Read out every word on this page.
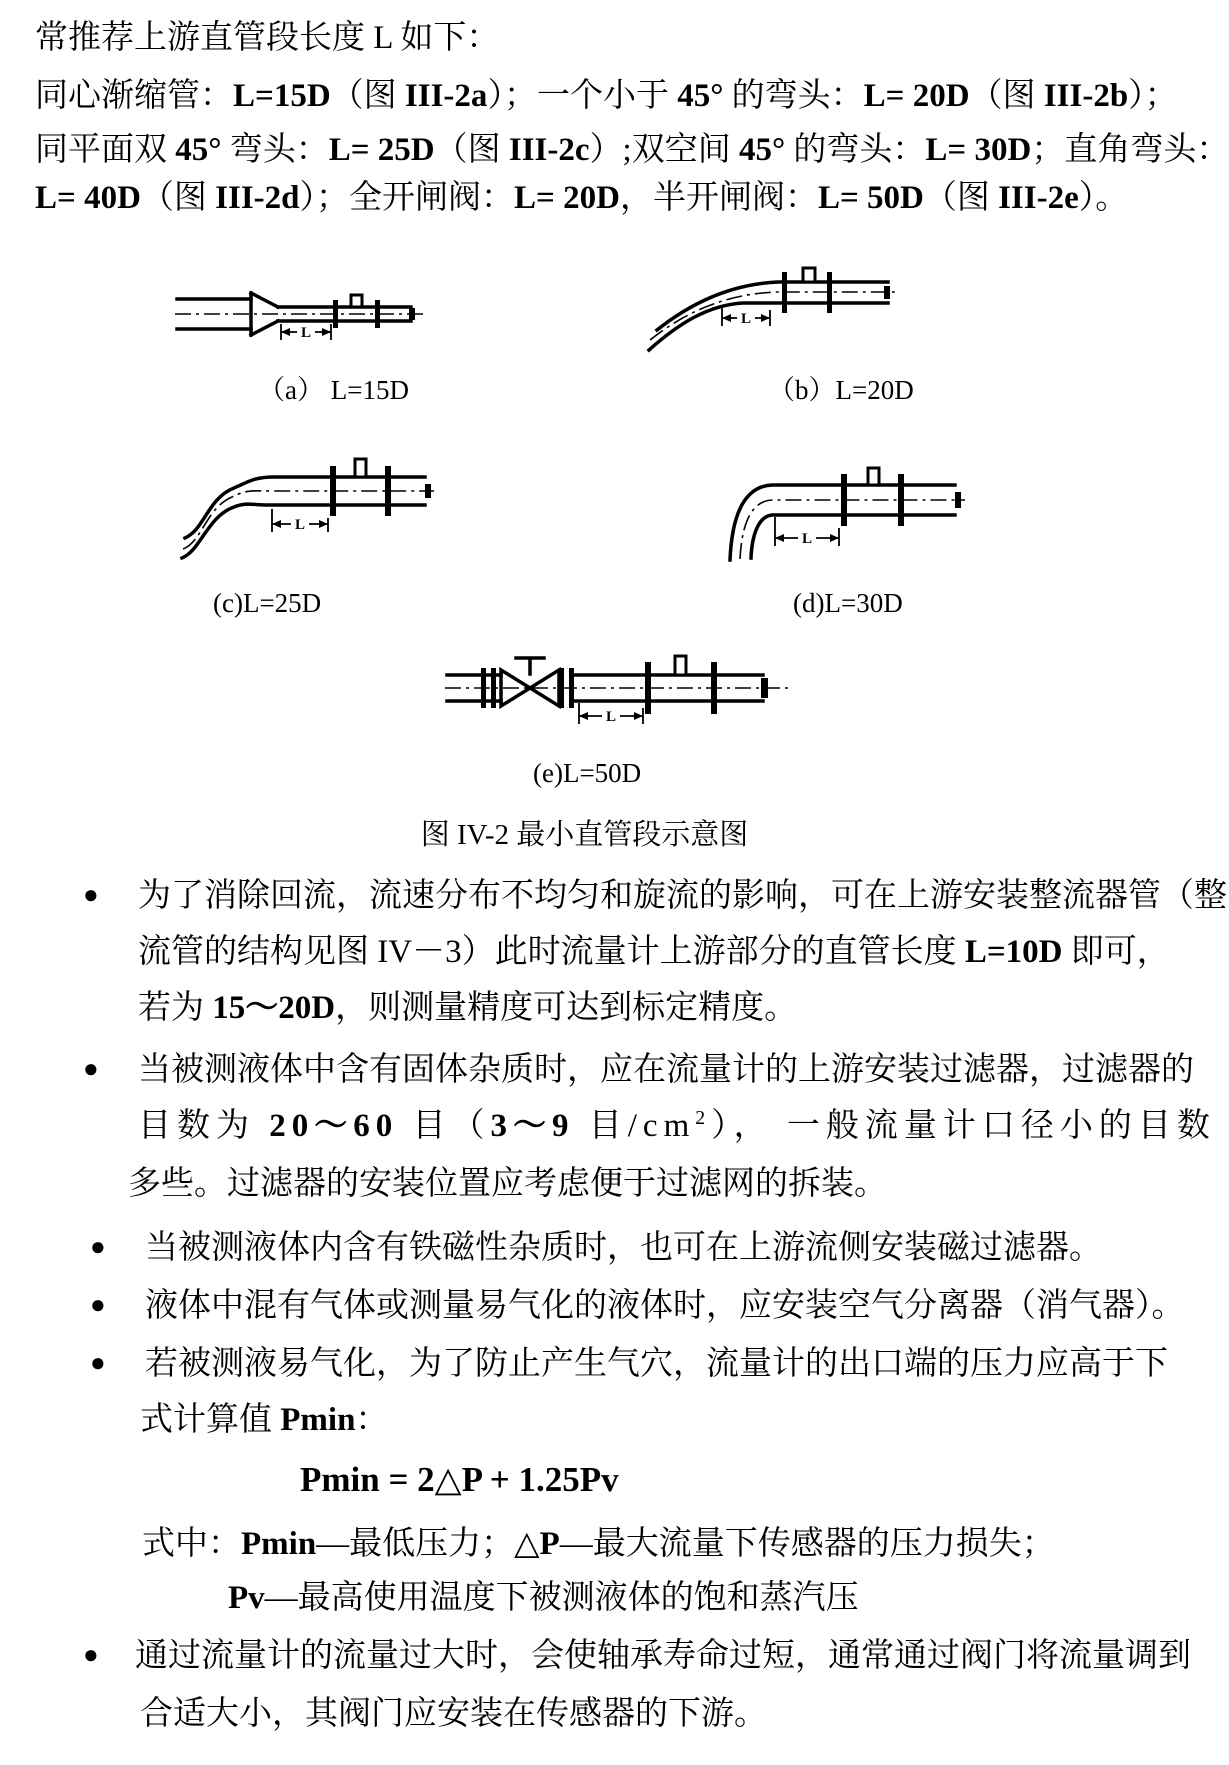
常推荐上游直管段长度 L 如下：
同心渐缩管：L=15D（图 III-2a）；一个小于 45° 的弯头：L= 20D（图 III-2b）；
同平面双 45° 弯头：L= 25D（图 III-2c）;双空间 45° 的弯头：L= 30D；直角弯头：
L= 40D（图 III-2d）；全开闸阀：L= 20D，半开闸阀：L= 50D（图 III-2e）。
L
（a） L=15D
L
（b）L=20D
L
(c)L=25D
L
(d)L=30D
L
(e)L=50D
图 IV-2 最小直管段示意图
● 为了消除回流，流速分布不均匀和旋流的影响，可在上游安装整流器管（整
流管的结构见图 IV－3）此时流量计上游部分的直管长度 L=10D 即可，
若为 15～20D，则测量精度可达到标定精度。
● 当被测液体中含有固体杂质时，应在流量计的上游安装过滤器，过滤器的
目数为 20～60 目（3～9 目$/cm^2$）， 一般流量计口径小的目数
多些。过滤器的安装位置应考虑便于过滤网的拆装。
● 当被测液体内含有铁磁性杂质时，也可在上游流侧安装磁过滤器。
● 液体中混有气体或测量易气化的液体时，应安装空气分离器（消气器）。
● 若被测液易气化，为了防止产生气穴，流量计的出口端的压力应高于下
式计算值 Pmin：
Pmin = 2△P + 1.25Pv
式中：Pmin—最低压力；△P—最大流量下传感器的压力损失；
Pv—最高使用温度下被测液体的饱和蒸汽压
● 通过流量计的流量过大时，会使轴承寿命过短，通常通过阀门将流量调到
合适大小，其阀门应安装在传感器的下游。
